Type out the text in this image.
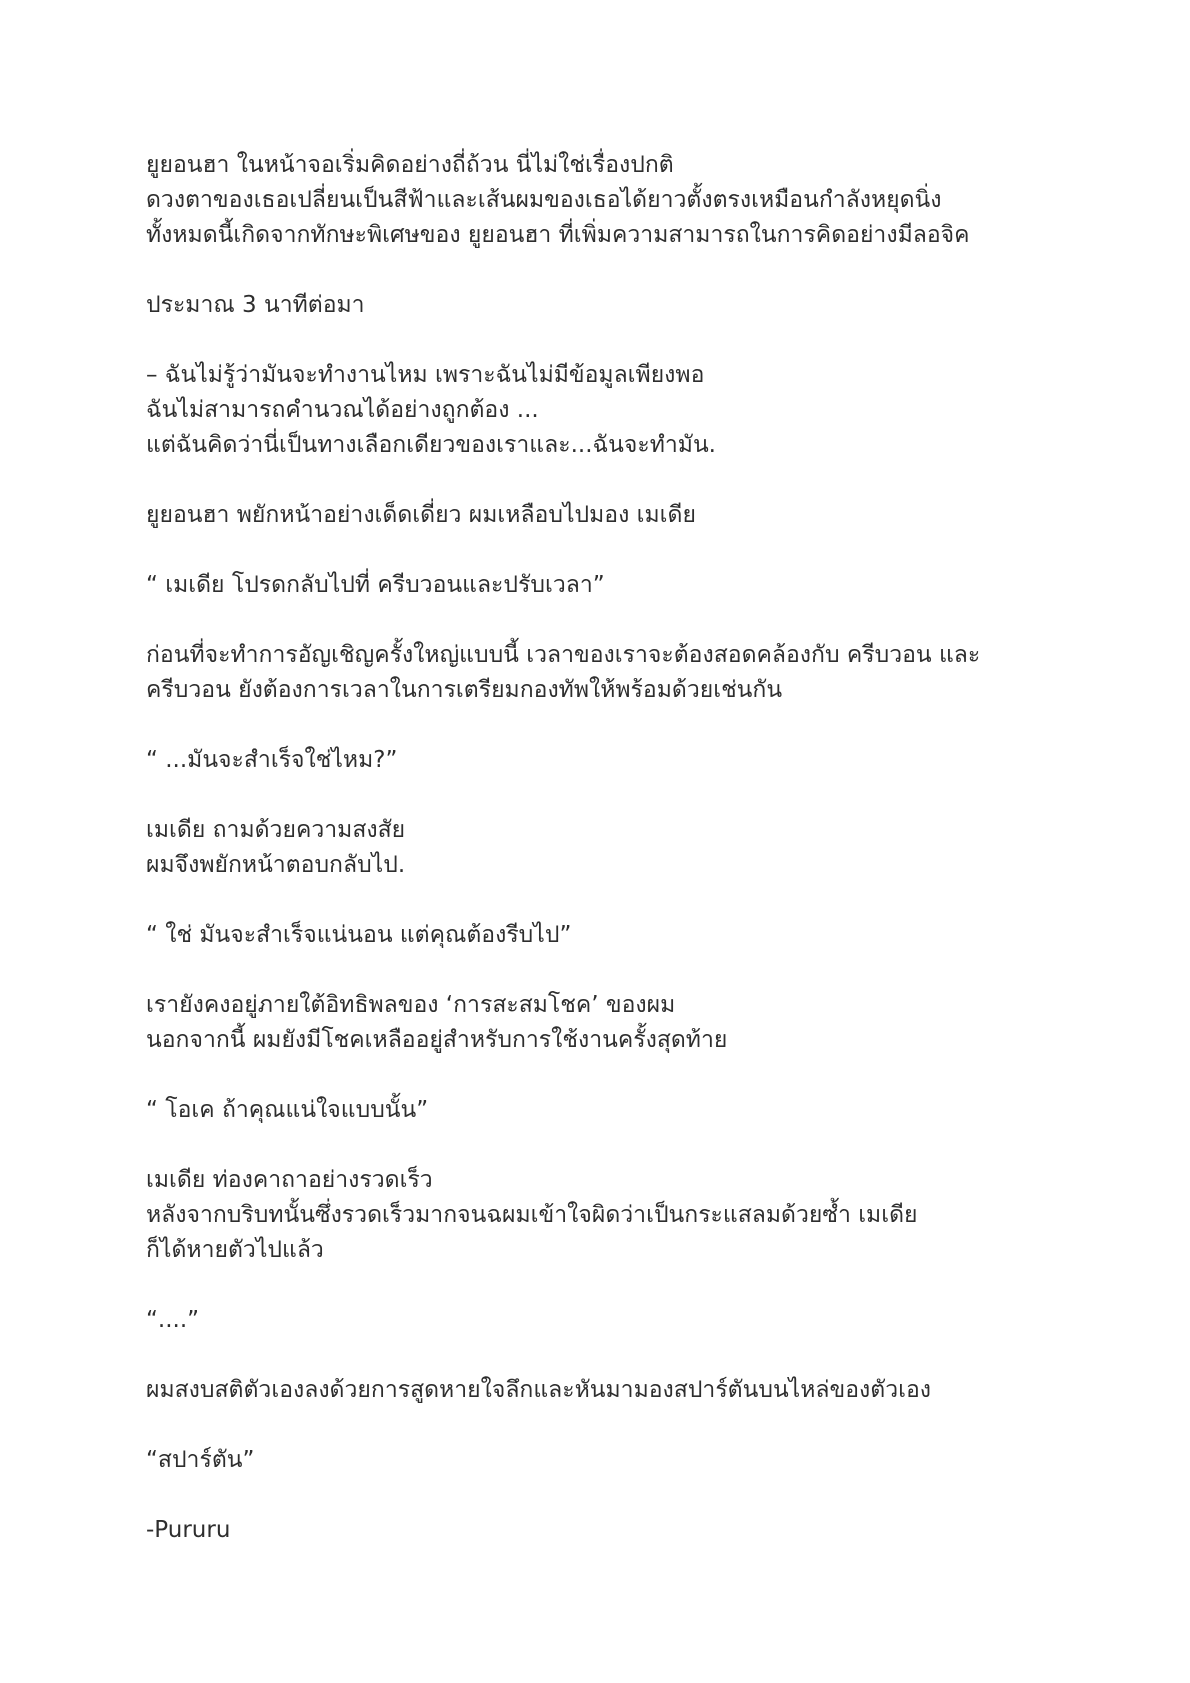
ยูยอนฮา ในหน้าจอเริ่มคิดอย่างถี่ถ้วน นี่ไม่ใช่เรื่องปกติ
ดวงตาของเธอเปลี่ยนเป็นสีฟ้าและเส้นผมของเธอได้ยาวตั้งตรงเหมือนกำลังหยุดนิ่ง
ทั้งหมดนี้เกิดจากทักษะพิเศษของ ยูยอนฮา ที่เพิ่มความสามารถในการคิดอย่างมีลอจิค

ประมาณ 3 นาทีต่อมา

– ฉันไม่รู้ว่ามันจะทำงานไหม เพราะฉันไม่มีข้อมูลเพียงพอ
ฉันไม่สามารถคำนวณได้อย่างถูกต้อง ...
แต่ฉันคิดว่านี่เป็นทางเลือกเดียวของเราและ...ฉันจะทำมัน.

ยูยอนฮา พยักหน้าอย่างเด็ดเดี่ยว ผมเหลือบไปมอง เมเดีย

“ เมเดีย โปรดกลับไปที่ ครีบวอนและปรับเวลา”

ก่อนที่จะทำการอัญเชิญครั้งใหญ่แบบนี้ เวลาของเราจะต้องสอดคล้องกับ ครีบวอน และ
ครีบวอน ยังต้องการเวลาในการเตรียมกองทัพให้พร้อมด้วยเช่นกัน

“ ...มันจะสำเร็จใช่ไหม?”

เมเดีย ถามด้วยความสงสัย
ผมจึงพยักหน้าตอบกลับไป.

“ ใช่ มันจะสำเร็จแน่นอน แต่คุณต้องรีบไป”

เรายังคงอยู่ภายใต้อิทธิพลของ ‘การสะสมโชค’ ของผม
นอกจากนี้ ผมยังมีโชคเหลืออยู่สำหรับการใช้งานครั้งสุดท้าย

“ โอเค ถ้าคุณแน่ใจแบบนั้น”

เมเดีย ท่องคาถาอย่างรวดเร็ว
หลังจากบริบทนั้นซึ่งรวดเร็วมากจนฉผมเข้าใจผิดว่าเป็นกระแสลมด้วยซ้ำ เมเดีย
ก็ได้หายตัวไปแล้ว

“....”

ผมสงบสติตัวเองลงด้วยการสูดหายใจลึกและหันมามองสปาร์ตันบนไหล่ของตัวเอง

“สปาร์ตัน”

-Pururu
